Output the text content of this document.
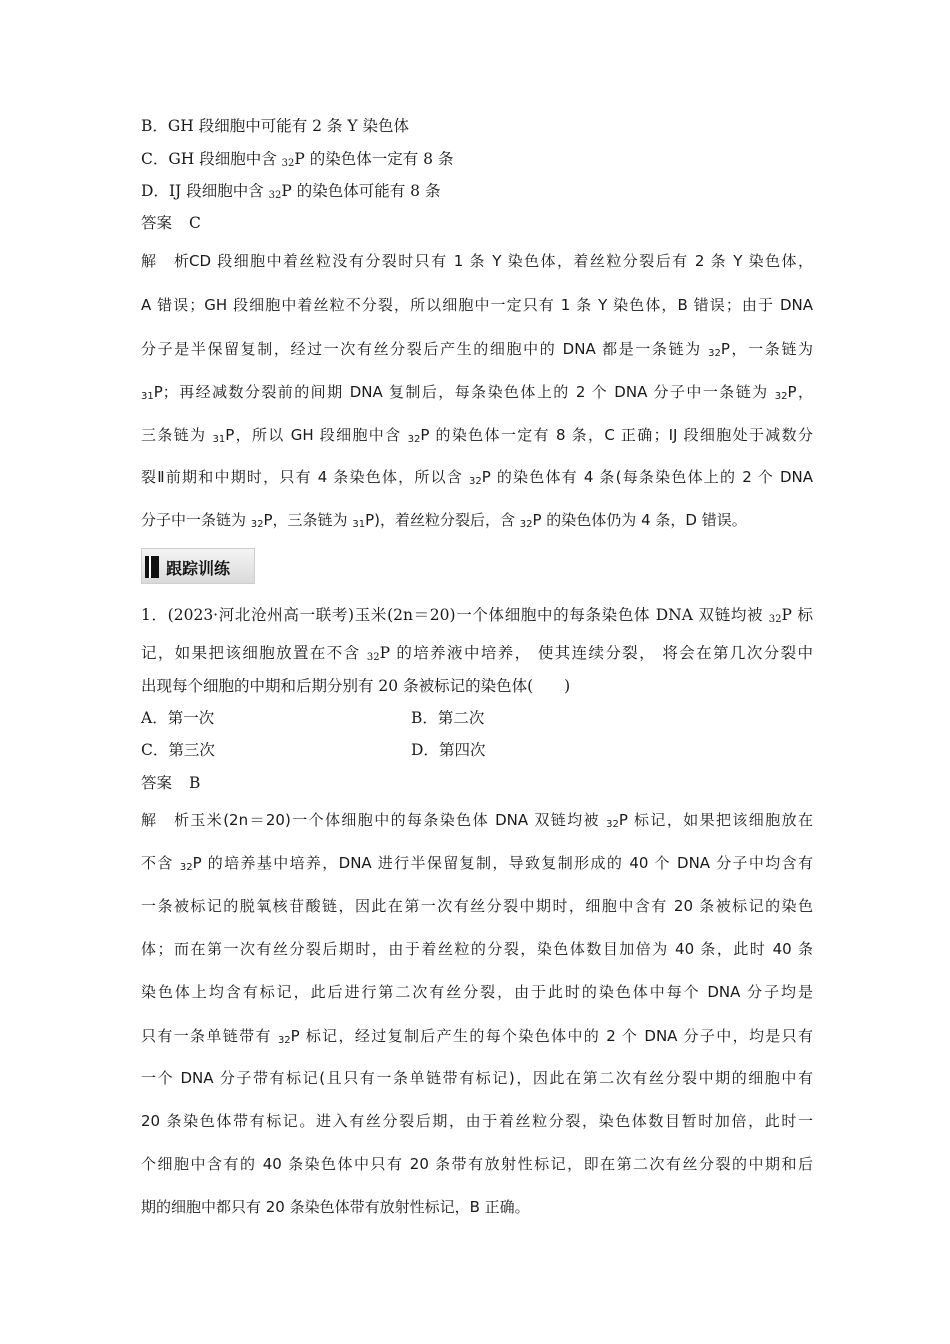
B．GH 段细胞中可能有 2 条 Y 染色体
C．GH 段细胞中含 $_{32}$P 的染色体一定有 8 条
D．IJ 段细胞中含 $_{32}$P 的染色体可能有 8 条
答案 C
解析CD 段细胞中着丝粒没有分裂时只有 1 条 Y 染色体，着丝粒分裂后有 2 条 Y 染色体，
A 错误；GH 段细胞中着丝粒不分裂，所以细胞中一定只有 1 条 Y 染色体，B 错误；由于 DNA
分子是半保留复制，经过一次有丝分裂后产生的细胞中的 DNA 都是一条链为 $_{32}$P，一条链为
$_{31}$P；再经减数分裂前的间期 DNA 复制后，每条染色体上的 2 个 DNA 分子中一条链为 $_{32}$P，
三条链为 $_{31}$P，所以 GH 段细胞中含 $_{32}$P 的染色体一定有 8 条，C 正确；IJ 段细胞处于减数分
裂Ⅱ前期和中期时，只有 4 条染色体，所以含 $_{32}$P 的染色体有 4 条(每条染色体上的 2 个 DNA
分子中一条链为 $_{32}$P，三条链为 $_{31}$P)，着丝粒分裂后，含 $_{32}$P 的染色体仍为 4 条，D 错误。
跟踪训练
1．(2023·河北沧州高一联考)玉米(2n＝20)一个体细胞中的每条染色体 DNA 双链均被 $_{32}$P 标
记，如果把该细胞放置在不含 $_{32}$P 的培养液中培养， 使其连续分裂， 将会在第几次分裂中
出现每个细胞的中期和后期分别有 20 条被标记的染色体(　　)
A．第一次	B．第二次
C．第三次	D．第四次
答案 B
解析玉米(2n＝20)一个体细胞中的每条染色体 DNA 双链均被 $_{32}$P 标记，如果把该细胞放在
不含 $_{32}$P 的培养基中培养，DNA 进行半保留复制，导致复制形成的 40 个 DNA 分子中均含有
一条被标记的脱氧核苷酸链，因此在第一次有丝分裂中期时，细胞中含有 20 条被标记的染色
体；而在第一次有丝分裂后期时，由于着丝粒的分裂，染色体数目加倍为 40 条，此时 40 条
染色体上均含有标记，此后进行第二次有丝分裂，由于此时的染色体中每个 DNA 分子均是
只有一条单链带有 $_{32}$P 标记，经过复制后产生的每个染色体中的 2 个 DNA 分子中，均是只有
一个 DNA 分子带有标记(且只有一条单链带有标记)，因此在第二次有丝分裂中期的细胞中有
20 条染色体带有标记。进入有丝分裂后期，由于着丝粒分裂，染色体数目暂时加倍，此时一
个细胞中含有的 40 条染色体中只有 20 条带有放射性标记，即在第二次有丝分裂的中期和后
期的细胞中都只有 20 条染色体带有放射性标记，B 正确。
